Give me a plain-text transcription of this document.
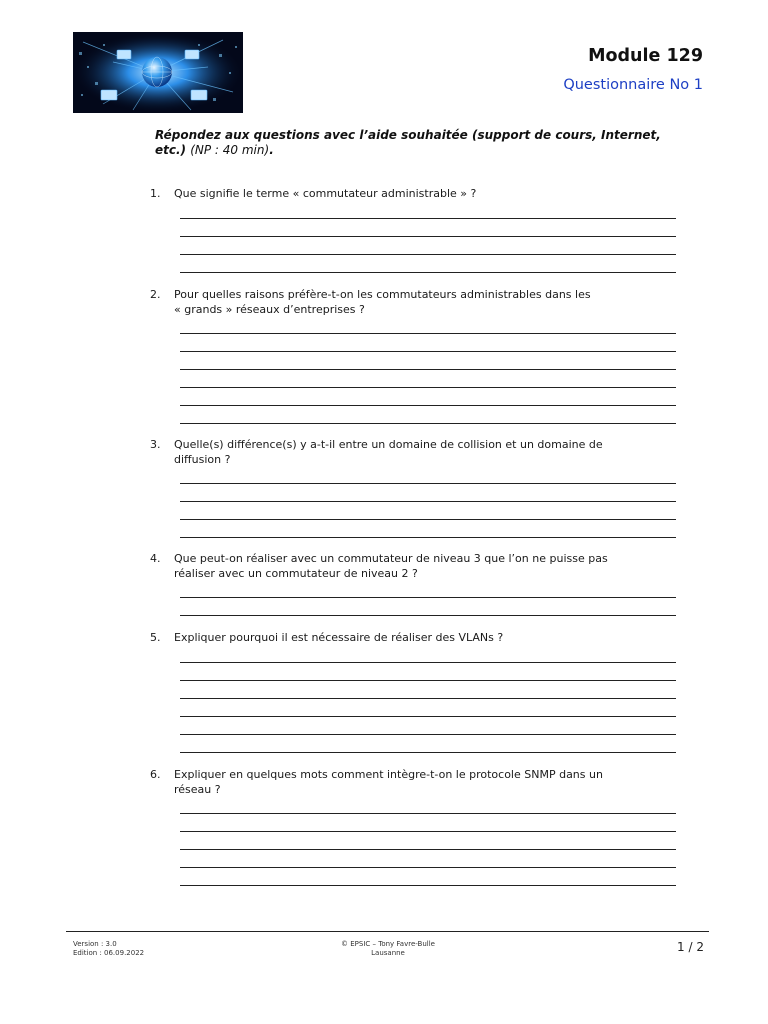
Module 129
Questionnaire No 1
Répondez aux questions avec l’aide souhaitée (support de cours, Internet, etc.) (NP : 40 min).
1. Que signifie le terme « commutateur administrable » ?
2. Pour quelles raisons préfère-t-on les commutateurs administrables dans les
« grands » réseaux d’entreprises ?
3. Quelle(s) différence(s) y a-t-il entre un domaine de collision et un domaine de
diffusion ?
4. Que peut-on réaliser avec un commutateur de niveau 3 que l’on ne puisse pas
réaliser avec un commutateur de niveau 2 ?
5. Expliquer pourquoi il est nécessaire de réaliser des VLANs ?
6. Expliquer en quelques mots comment intègre-t-on le protocole SNMP dans un
réseau ?
Version : 3.0
Edition : 06.09.2022
© EPSIC – Tony Favre-Bulle
Lausanne	1 / 2
